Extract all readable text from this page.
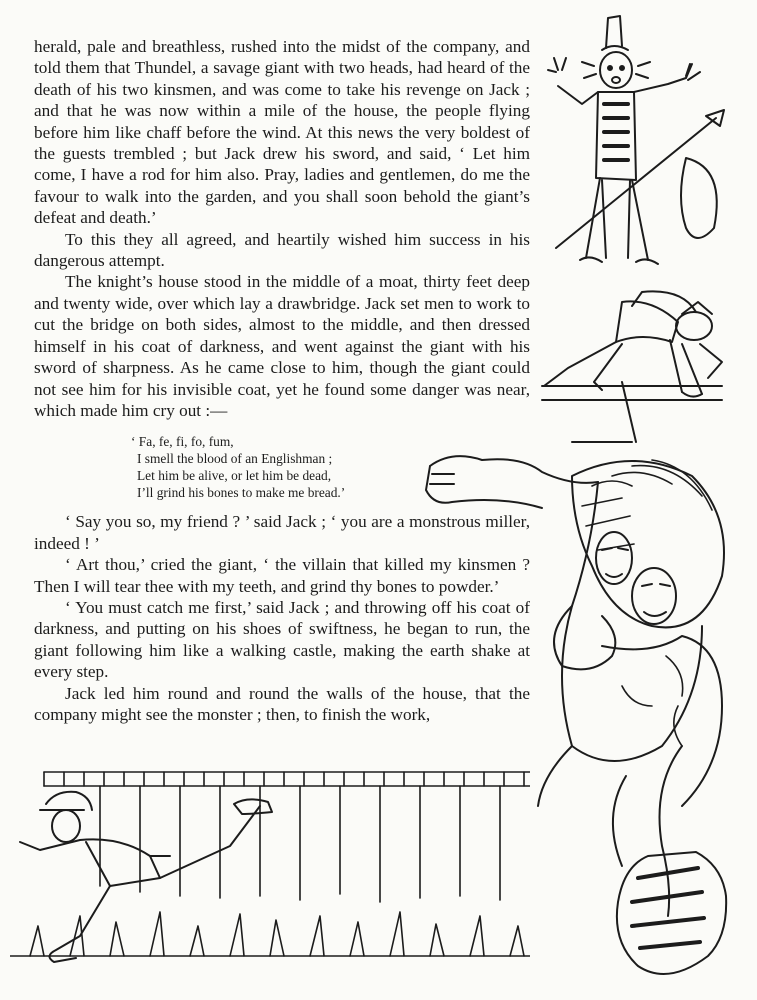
herald, pale and breathless, rushed into the midst of the company, and told them that Thundel, a savage giant with two heads, had heard of the death of his two kinsmen, and was come to take his revenge on Jack ; and that he was now within a mile of the house, the people flying before him like chaff before the wind. At this news the very boldest of the guests trembled ; but Jack drew his sword, and said, ‘ Let him come, I have a rod for him also. Pray, ladies and gentlemen, do me the favour to walk into the garden, and you shall soon behold the giant’s defeat and death.’

To this they all agreed, and heartily wished him success in his dangerous attempt.

The knight’s house stood in the middle of a moat, thirty feet deep and twenty wide, over which lay a drawbridge. Jack set men to work to cut the bridge on both sides, almost to the middle, and then dressed himself in his coat of darkness, and went against the giant with his sword of sharpness. As he came close to him, though the giant could not see him for his invisible coat, yet he found some danger was near, which made him cry out :—

‘ Fa, fe, fi, fo, fum,
I smell the blood of an Englishman ;
Let him be alive, or let him be dead,
I’ll grind his bones to make me bread.’

‘ Say you so, my friend ? ’ said Jack ; ‘ you are a monstrous miller, indeed ! ’

‘ Art thou,’ cried the giant, ‘ the villain that killed my kinsmen ? Then I will tear thee with my teeth, and grind thy bones to powder.’

‘ You must catch me first,’ said Jack ; and throwing off his coat of darkness, and putting on his shoes of swiftness, he began to run, the giant following him like a walking castle, making the earth shake at every step.

Jack led him round and round the walls of the house, that the company might see the monster ; then, to finish the work,
